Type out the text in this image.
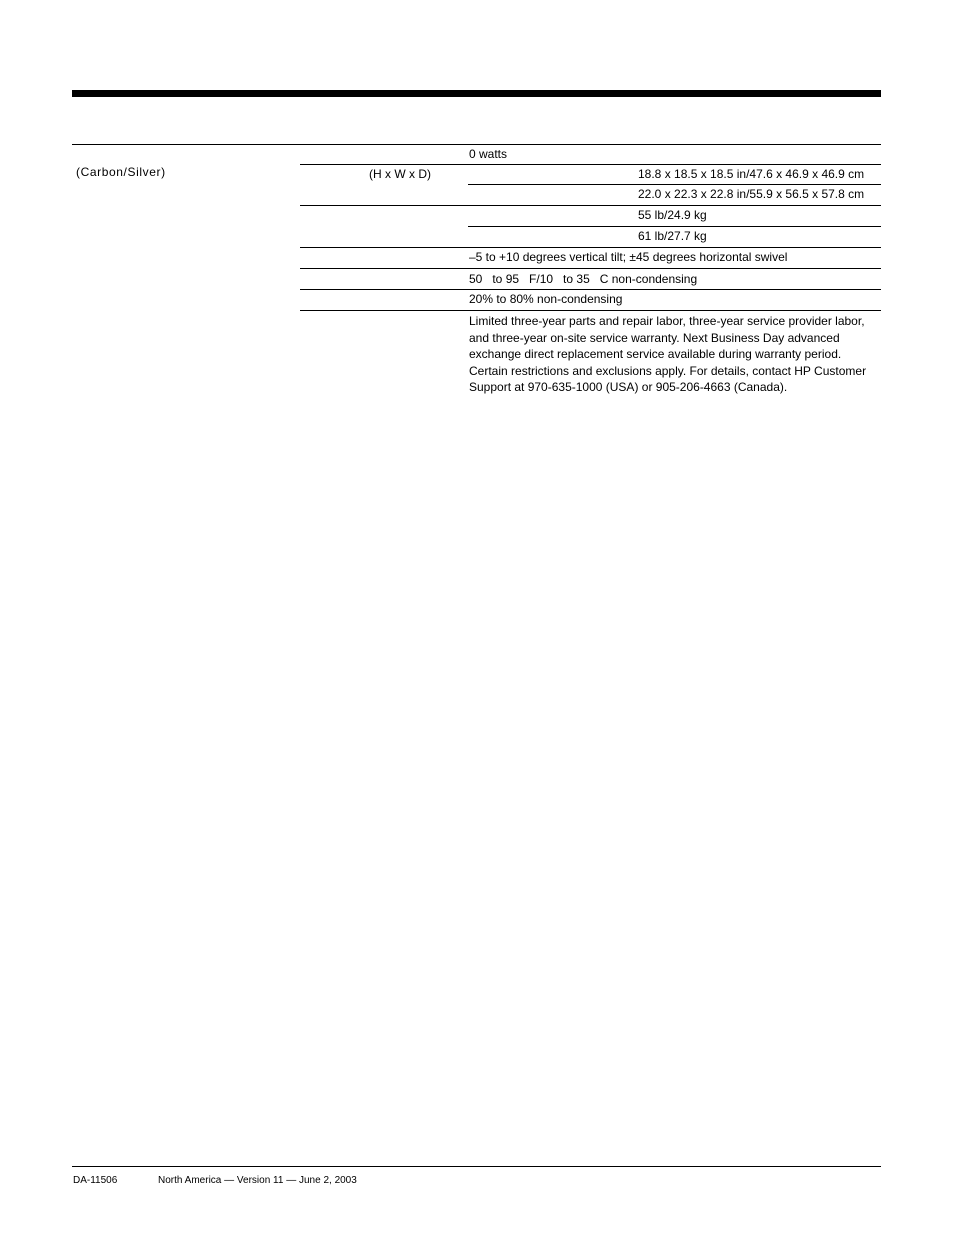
(Carbon/Silver)
0 watts
(H x W x D)	18.8 x 18.5 x 18.5 in/47.6 x 46.9 x 46.9 cm
22.0 x 22.3 x 22.8 in/55.9 x 56.5 x 57.8 cm
55 lb/24.9 kg
61 lb/27.7 kg
–5 to +10 degrees vertical tilt; ±45 degrees horizontal swivel
50   to 95   F/10   to 35   C non-condensing
20% to 80% non-condensing
Limited three-year parts and repair labor, three-year service provider labor, and three-year on-site service warranty. Next Business Day advanced exchange direct replacement service available during warranty period. Certain restrictions and exclusions apply. For details, contact HP Customer Support at 970-635-1000 (USA) or 905-206-4663 (Canada).
DA-11506	North America — Version 11 — June 2, 2003
